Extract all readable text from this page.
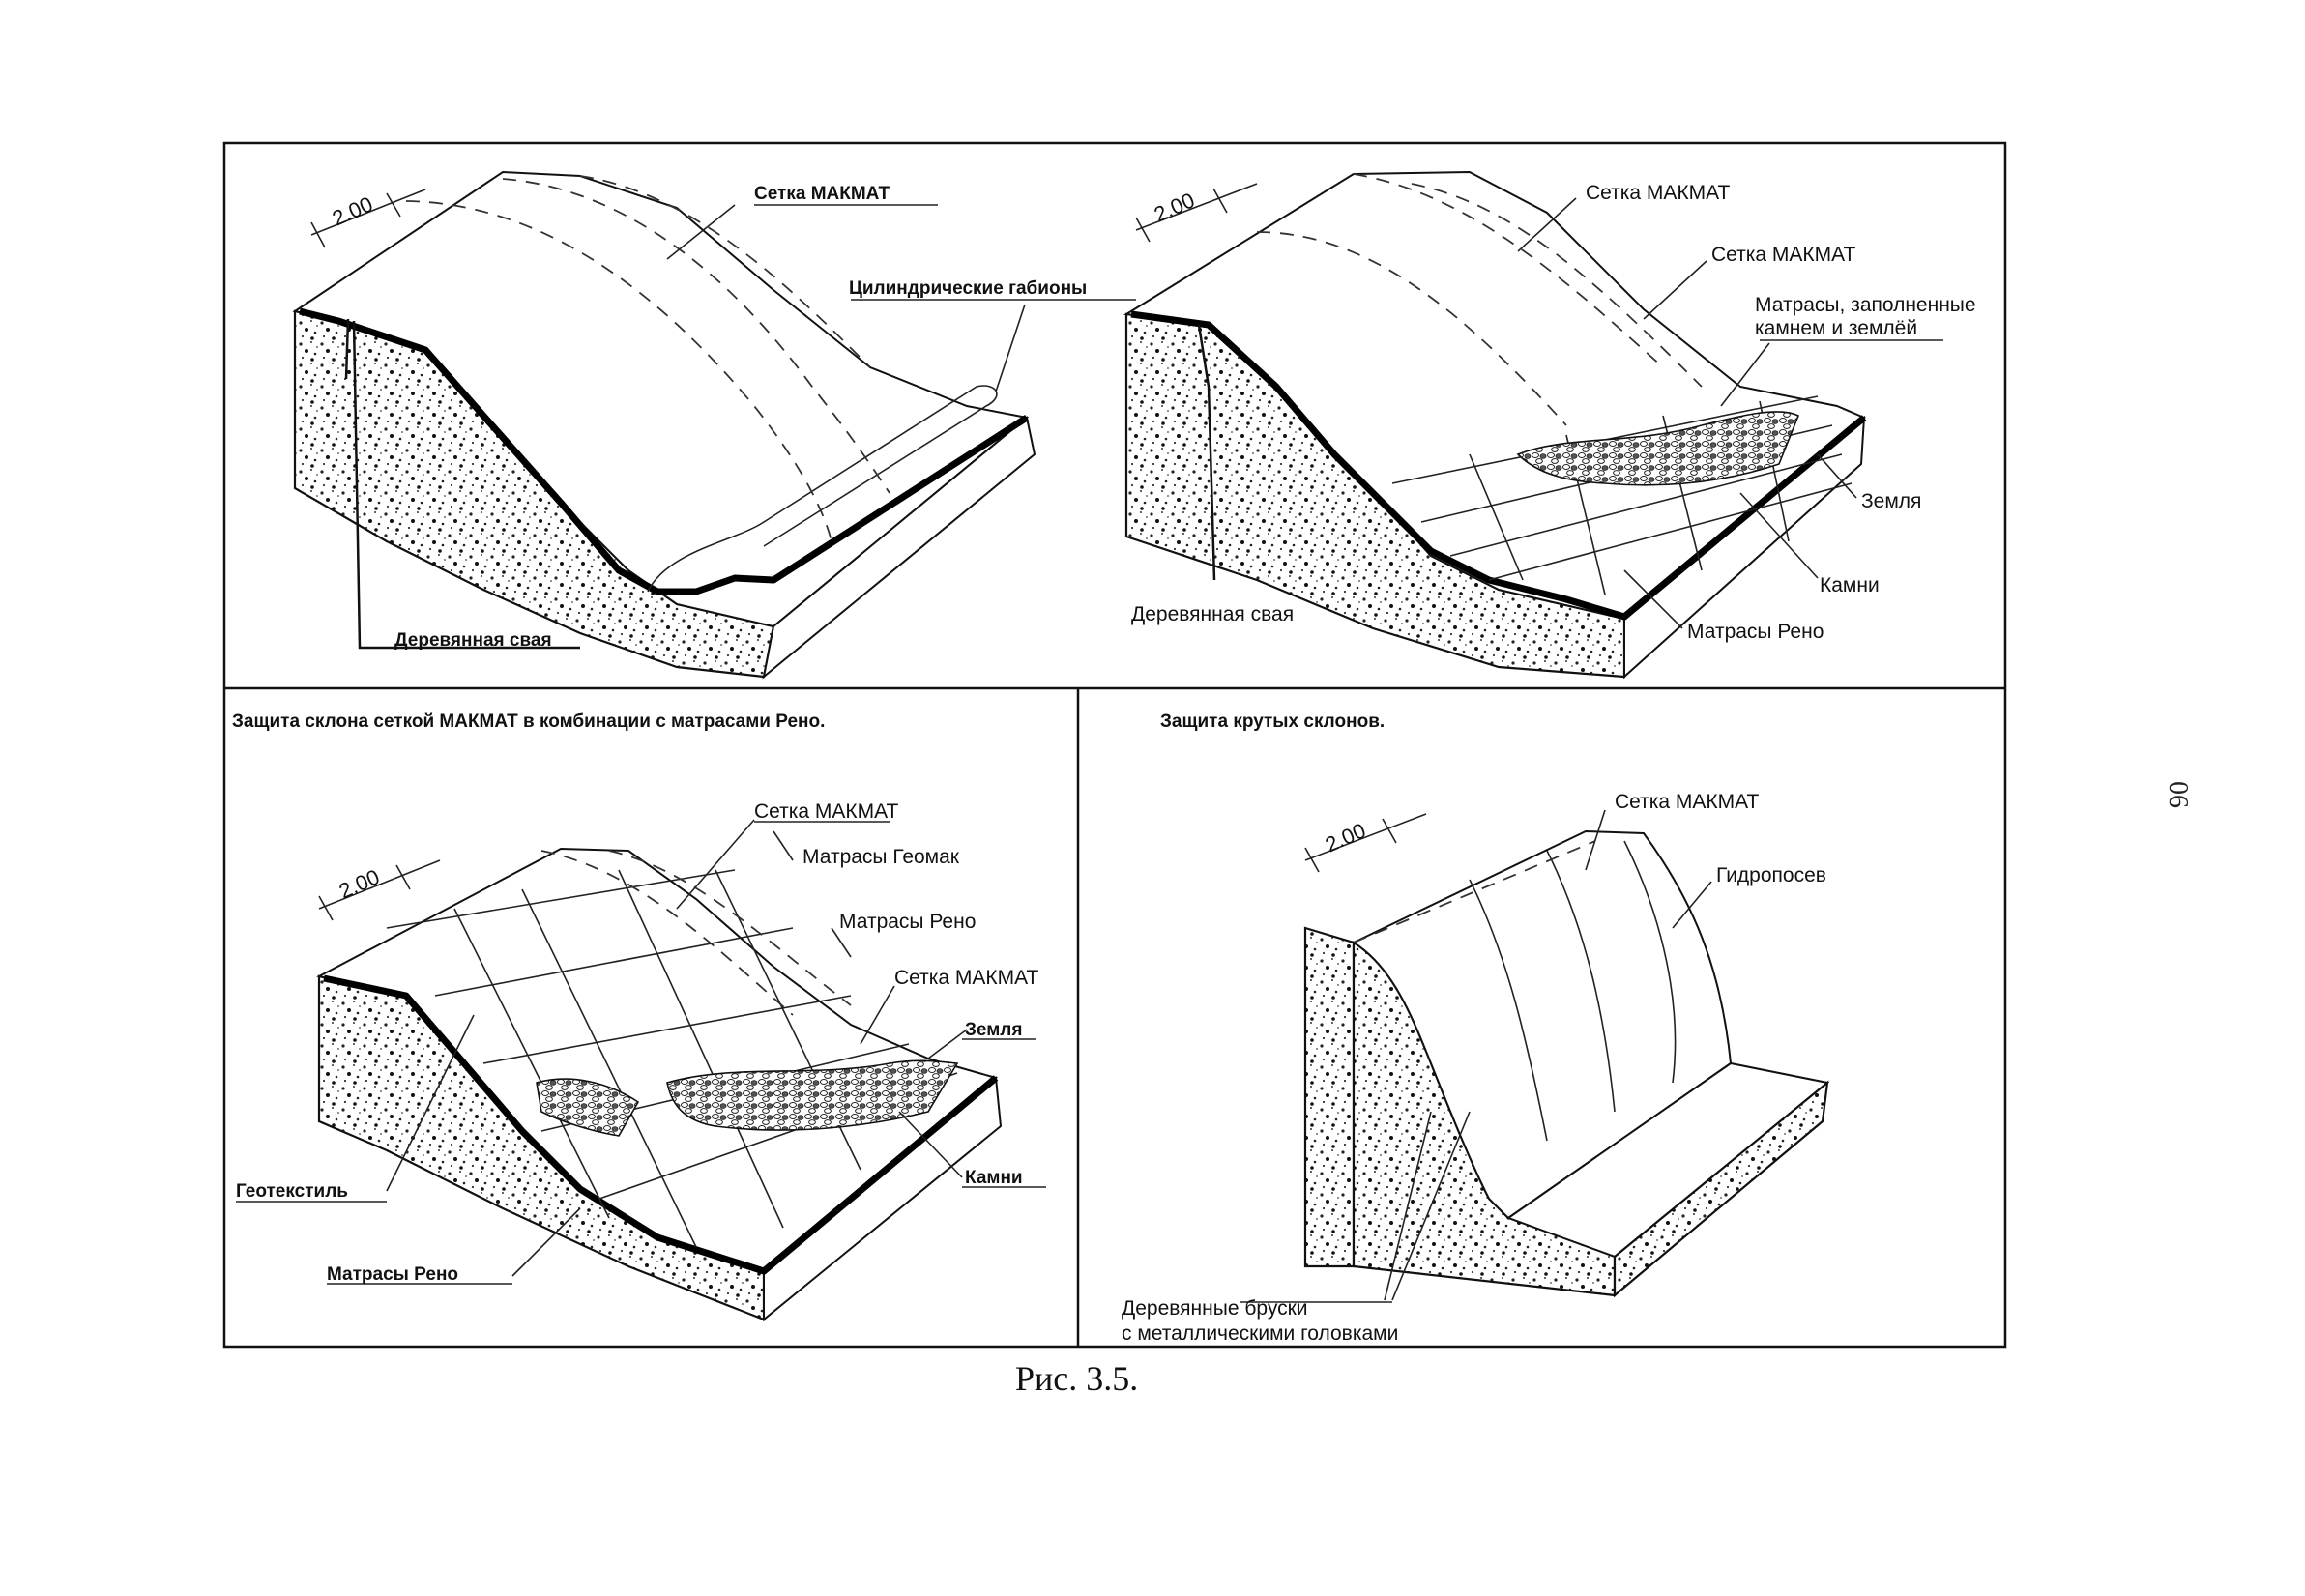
2.00	Сетка МАКМАТ
Цилиндрические габионы
Деревянная свая
2.00	Сетка МАКМАТ
Сетка МАКМАТ
Матрасы, заполненные
камнем и землёй
Земля
Камни
Матрасы Рено
Деревянная свая
Защита склона сеткой МАКМАТ в комбинации с матрасами Рено.
2.00
Сетка МАКМАТ
Матрасы Геомак
Матрасы Рено
Сетка МАКМАТ
Земля
Геотекстиль
Камни
Матрасы Рено
Защита крутых склонов.
2.00
Сетка МАКМАТ
Гидропосев
Деревянные бруски
с металлическими головками
Рис. 3.5.
06
